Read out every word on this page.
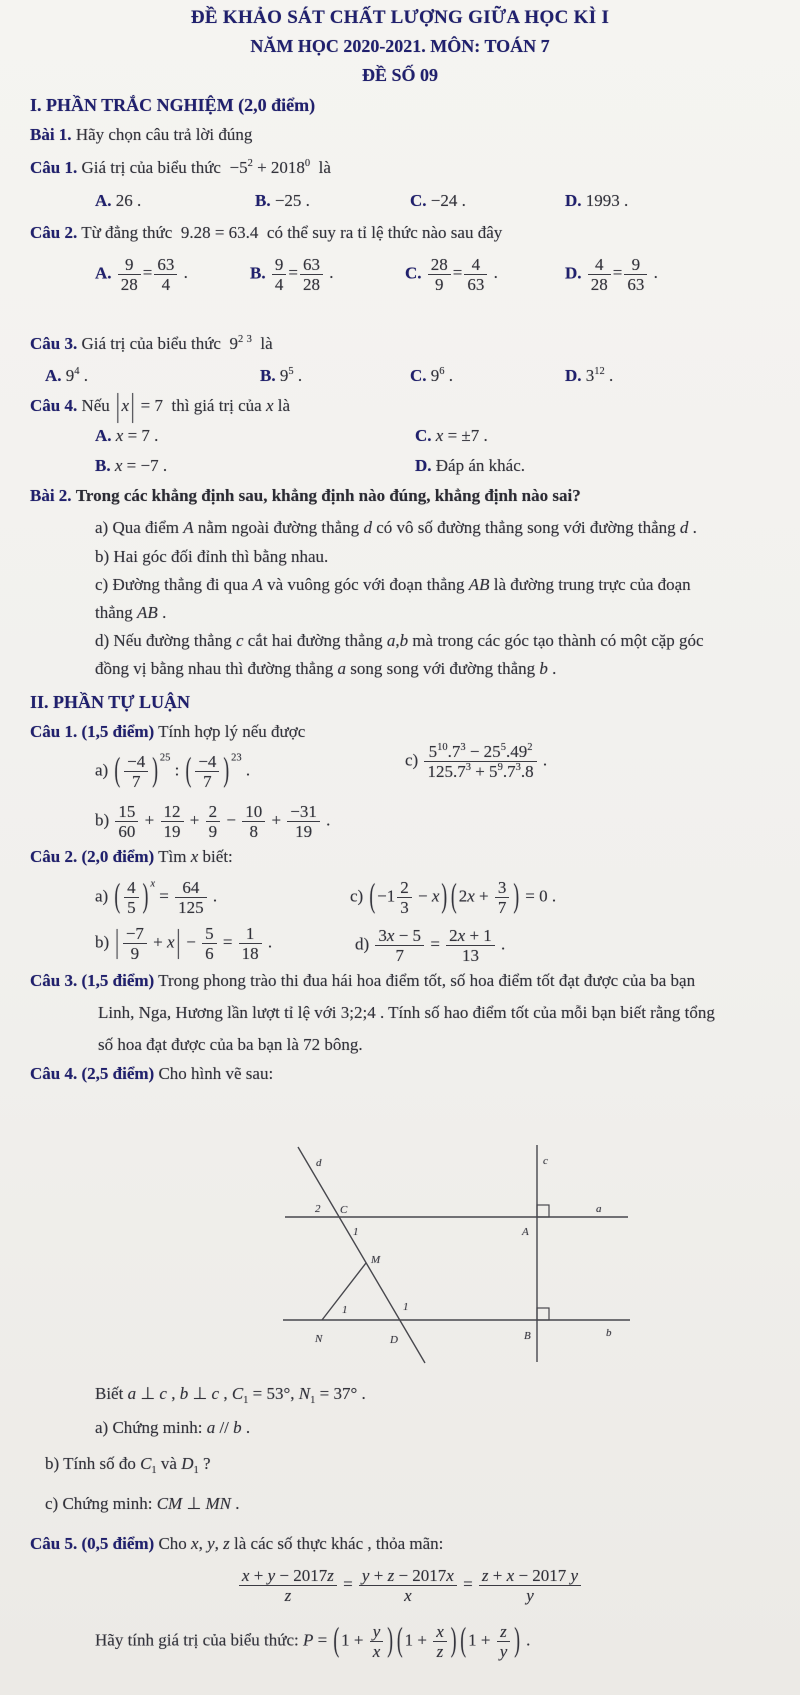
ĐỀ KHẢO SÁT CHẤT LƯỢNG GIỮA HỌC KÌ I
NĂM HỌC 2020-2021. MÔN: TOÁN 7
ĐỀ SỐ 09
I. PHẦN TRẮC NGHIỆM (2,0 điểm)
Bài 1. Hãy chọn câu trả lời đúng
Câu 1. Giá trị của biểu thức  $-5^2 + 2018^0$  là
A. 26 .	B. −25 .	C. −24 .	D. 1993 .
Câu 2. Từ đẳng thức  9.28 = 63.4  có thể suy ra tỉ lệ thức nào sau đây
A. $\frac{9}{28} = \frac{63}{4}$ .	B. $\frac{9}{4} = \frac{63}{28}$ .	C. $\frac{28}{9} = \frac{4}{63}$ .	D. $\frac{4}{28} = \frac{9}{63}$ .
Câu 3. Giá trị của biểu thức  $9^2$  $^3$  là
A. $9^4$ .	B. $9^5$ .	C. $9^6$ .	D. $3^{12}$ .
Câu 4. Nếu | x | = 7  thì giá trị của x là
A. x = 7 .	C. x = ±7 .
B. x = −7 .	D. Đáp án khác.
Bài 2. Trong các khẳng định sau, khẳng định nào đúng, khẳng định nào sai?
a) Qua điểm A nằm ngoài đường thẳng d có vô số đường thẳng song với đường thẳng d .
b) Hai góc đối đỉnh thì bằng nhau.
c) Đường thẳng đi qua A và vuông góc với đoạn thẳng AB là đường trung trực của đoạn
thẳng AB .
d) Nếu đường thẳng c cắt hai đường thẳng a,b mà trong các góc tạo thành có một cặp góc
đồng vị bằng nhau thì đường thẳng a song song với đường thẳng b .
II. PHẦN TỰ LUẬN
Câu 1. (1,5 điểm) Tính hợp lý nếu được
a) ( $\frac{-4}{7}$ ) $^{25}$ : ( $\frac{-4}{7}$ ) $^{23}$ .
$c) \frac{5^{10}.7^3 - 25^5.49^2}{125.7^3 + 5^9.7^3.8}$ .
$b) \frac{15}{60} + \frac{12}{19} + \frac{2}{9} - \frac{10}{8} + \frac{-31}{19}$ .
Câu 2. (2,0 điểm) Tìm x biết:
a) ( $\frac{4}{5}$ ) $^x = \frac{64}{125}$ .	c) ( $-1 \frac{2}{3} - x$ ) ( $2x + \frac{3}{7}$ ) = 0 .
b) | $\frac{-7}{9} + x$ | − $\frac{5}{6} = \frac{1}{18}$ .	$d) \frac{3x - 5}{7} = \frac{2x + 1}{13}$ .
Câu 3. (1,5 điểm) Trong phong trào thi đua hái hoa điểm tốt, số hoa điểm tốt đạt được của ba bạn
Linh, Nga, Hương lần lượt tỉ lệ với 3;2;4 . Tính số hao điểm tốt của mỗi bạn biết rằng tổng
số hoa đạt được của ba bạn là 72 bông.
Câu 4. (2,5 điểm) Cho hình vẽ sau:
d
2 C
1
c
A
a
M
1	1
N	D	B	b
Biết a ⊥ c , b ⊥ c , $C_1 = 53^\circ$, $N_1 = 37^\circ$ .
a) Chứng minh: a // b .
b) Tính số đo $C_1$ và $D_1$ ?
c) Chứng minh: CM ⊥ MN .
Câu 5. (0,5 điểm) Cho x, y, z là các số thực khác , thỏa mãn:
$\frac{x + y - 2017z}{z} = \frac{y + z - 2017x}{x} = \frac{z + x - 2017 y}{y}$
Hãy tính giá trị của biểu thức: P = ( $1 + \frac{y}{x}$ ) ( $1 + \frac{x}{z}$ ) ( $1 + \frac{z}{y}$ ) .
